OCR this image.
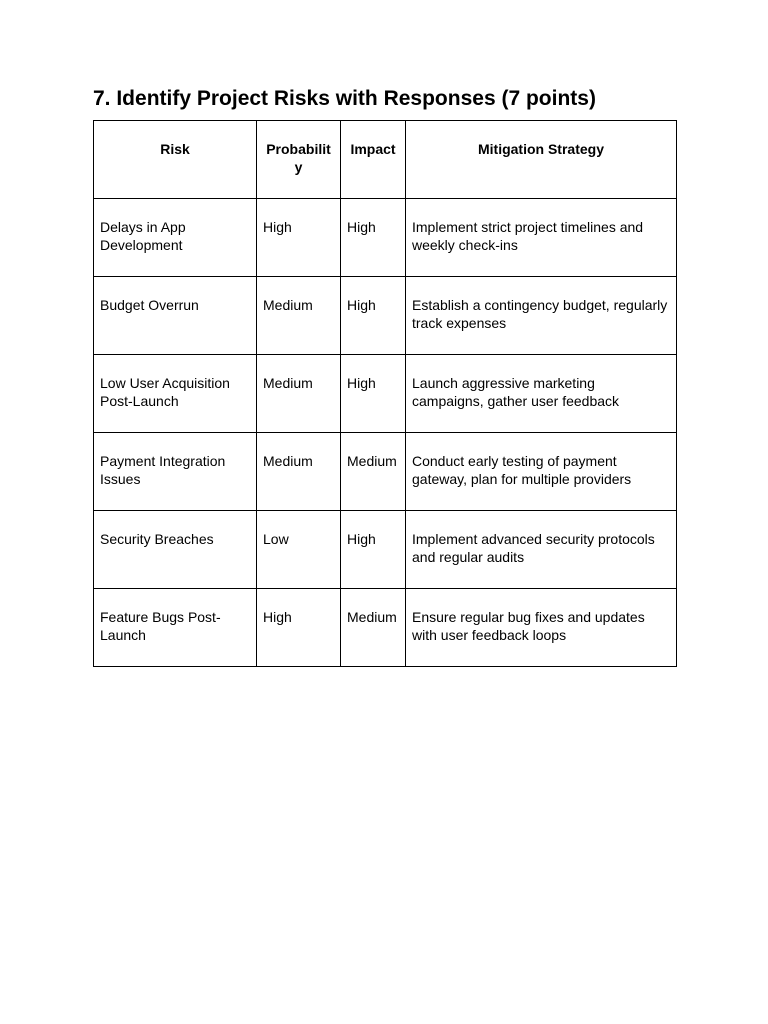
7. Identify Project Risks with Responses (7 points)
Risk	Probability	Impact	Mitigation Strategy
Delays in App Development	High	High	Implement strict project timelines and weekly check-ins
Budget Overrun	Medium	High	Establish a contingency budget, regularly track expenses
Low User Acquisition Post-Launch	Medium	High	Launch aggressive marketing campaigns, gather user feedback
Payment Integration Issues	Medium	Medium	Conduct early testing of payment gateway, plan for multiple providers
Security Breaches	Low	High	Implement advanced security protocols and regular audits
Feature Bugs Post-Launch	High	Medium	Ensure regular bug fixes and updates with user feedback loops
